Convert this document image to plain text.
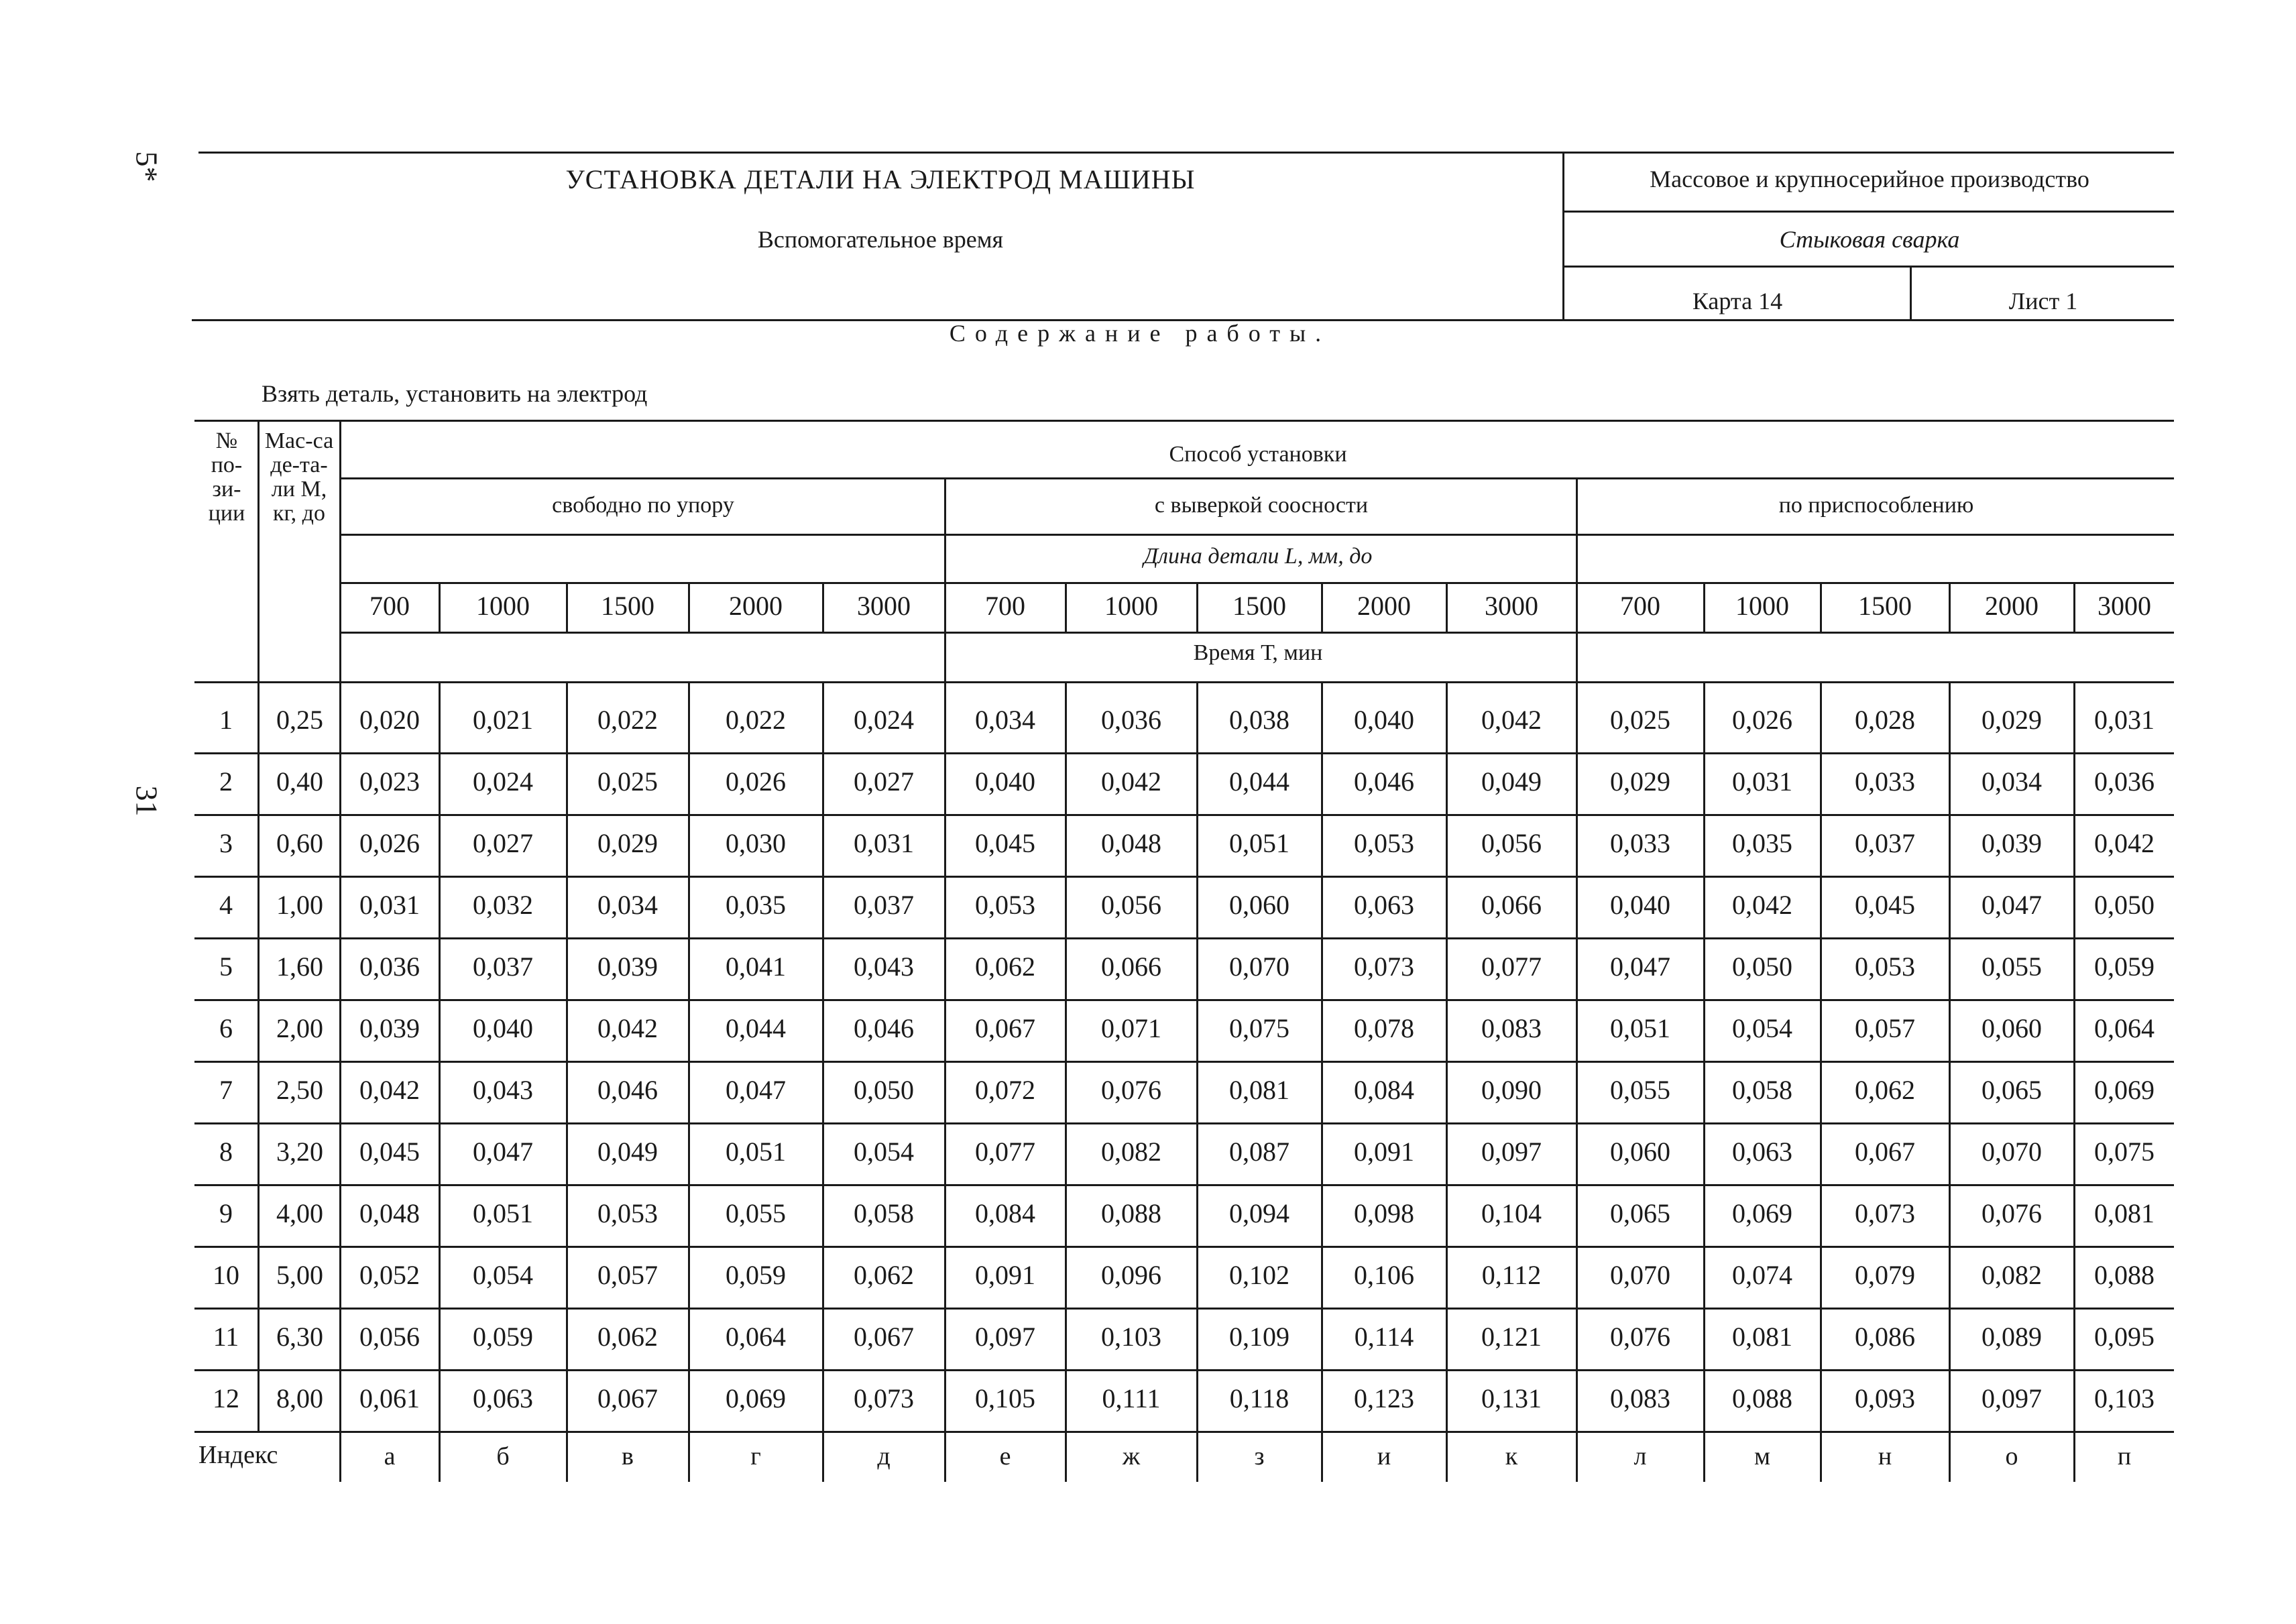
5*
31
УСТАНОВКА ДЕТАЛИ НА ЭЛЕКТРОД МАШИНЫ
Вспомогательное время
Массовое и крупносерийное производство
Стыковая сварка
Карта 14	Лист 1
Содержание работы.
Взять деталь, установить на электрод
№ по-зи-ции
Мас-са де-та-ли М, кг, до
Способ установки
свободно по упору	с выверкой соосности	по приспособлению
Длина детали L, мм, до
Время Т, мин
700	1000	1500	2000	3000	700	1000	1500	2000	3000	700	1000	1500	2000	3000
1	0,25	0,020	0,021	0,022	0,022	0,024	0,034	0,036	0,038	0,040	0,042	0,025	0,026	0,028	0,029	0,031
2	0,40	0,023	0,024	0,025	0,026	0,027	0,040	0,042	0,044	0,046	0,049	0,029	0,031	0,033	0,034	0,036
3	0,60	0,026	0,027	0,029	0,030	0,031	0,045	0,048	0,051	0,053	0,056	0,033	0,035	0,037	0,039	0,042
4	1,00	0,031	0,032	0,034	0,035	0,037	0,053	0,056	0,060	0,063	0,066	0,040	0,042	0,045	0,047	0,050
5	1,60	0,036	0,037	0,039	0,041	0,043	0,062	0,066	0,070	0,073	0,077	0,047	0,050	0,053	0,055	0,059
6	2,00	0,039	0,040	0,042	0,044	0,046	0,067	0,071	0,075	0,078	0,083	0,051	0,054	0,057	0,060	0,064
7	2,50	0,042	0,043	0,046	0,047	0,050	0,072	0,076	0,081	0,084	0,090	0,055	0,058	0,062	0,065	0,069
8	3,20	0,045	0,047	0,049	0,051	0,054	0,077	0,082	0,087	0,091	0,097	0,060	0,063	0,067	0,070	0,075
9	4,00	0,048	0,051	0,053	0,055	0,058	0,084	0,088	0,094	0,098	0,104	0,065	0,069	0,073	0,076	0,081
10	5,00	0,052	0,054	0,057	0,059	0,062	0,091	0,096	0,102	0,106	0,112	0,070	0,074	0,079	0,082	0,088
11	6,30	0,056	0,059	0,062	0,064	0,067	0,097	0,103	0,109	0,114	0,121	0,076	0,081	0,086	0,089	0,095
12	8,00	0,061	0,063	0,067	0,069	0,073	0,105	0,111	0,118	0,123	0,131	0,083	0,088	0,093	0,097	0,103
Индекс	а	б	в	г	д	е	ж	з	и	к	л	м	н	о	п
